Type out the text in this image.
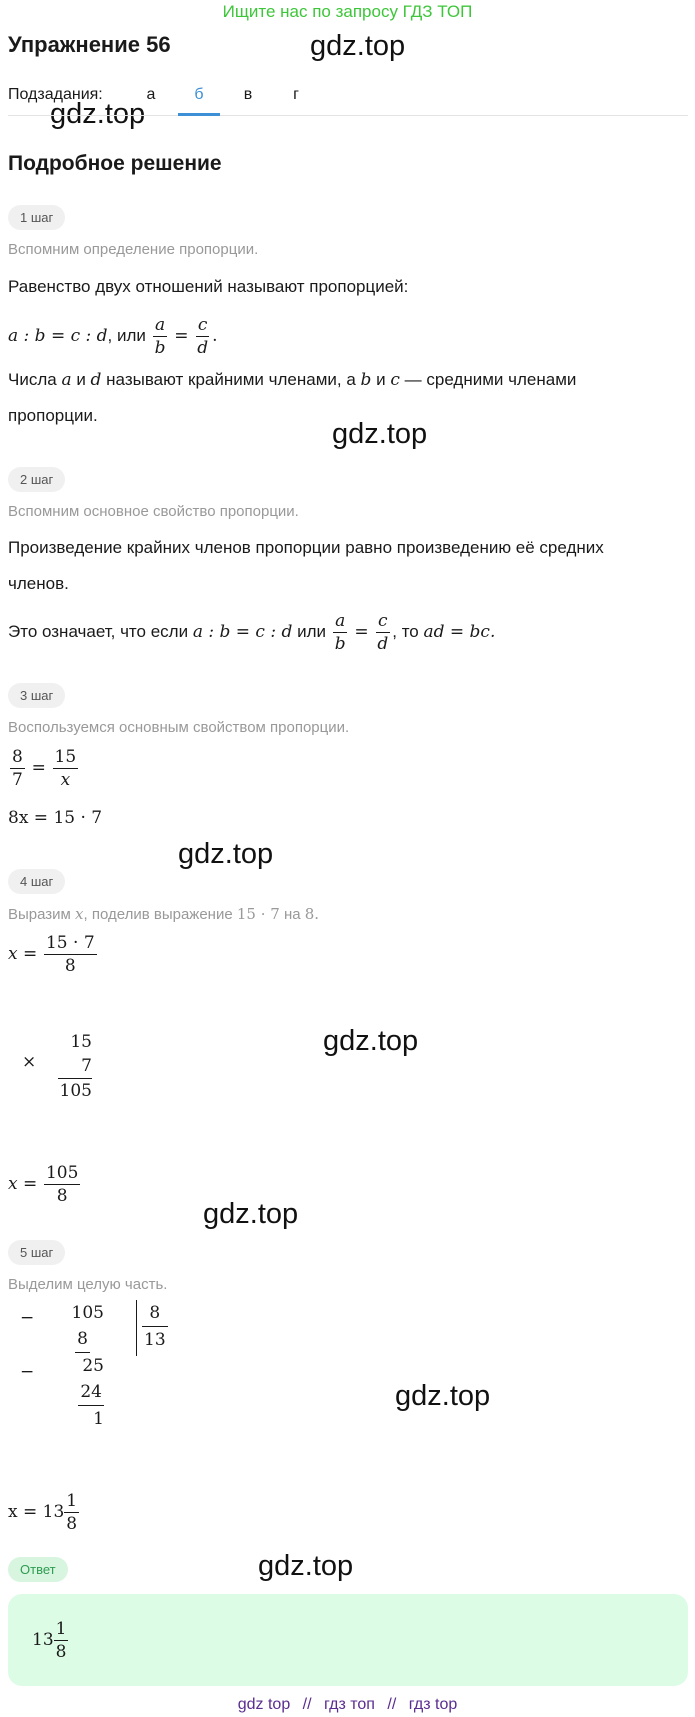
Ищите нас по запросу ГДЗ ТОП
Упражнение 56	gdz.top
gdz.top
gdz.top
gdz.top
gdz.top
gdz.top
gdz.top
gdz.top
Подзадания:	а	б	в	г
Подробное решение
1 шаг
Вспомним определение пропорции.
Равенство двух отношений называют пропорцией:
a : b = c : d, или $\frac{a}{b} = \frac{c}{d}$ .
Числа a и d называют крайними членами, а b и c — средними членами
пропорции.
2 шаг
Вспомним основное свойство пропорции.
Произведение крайних членов пропорции равно произведению её средних
членов.
Это означает, что если a : b = c : d или $\frac{a}{b} = \frac{c}{d}$ , то ad = bc.
3 шаг
Воспользуемся основным свойством пропорции.
$\frac{8}{7} = \frac{15}{x}$
8x = 15 · 7
4 шаг
Выразим x, поделив выражение 15 · 7 на 8.
$x = \frac{15 \cdot 7}{8}$
×
15
7
105
$x = \frac{105}{8}$
5 шаг
Выделим целую часть.
−
−
105
8
25
24
1
8
13
$x = 13 \frac{1}{8}$
Ответ
$13 \frac{1}{8}$
gdz top // гдз топ // гдз top
